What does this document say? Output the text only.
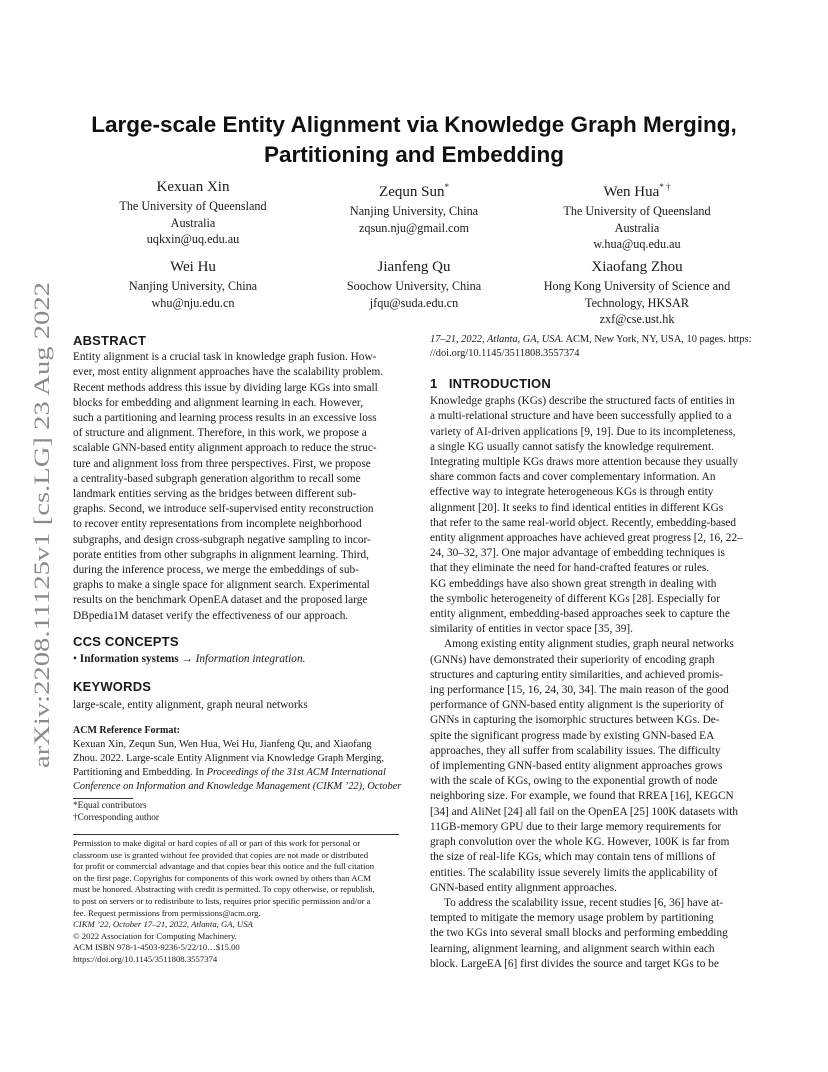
arXiv:2208.11125v1 [cs.LG] 23 Aug 2022
Large-scale Entity Alignment via Knowledge Graph Merging,
Partitioning and Embedding
Kexuan Xin
The University of Queensland
Australia
uqkxin@uq.edu.au
Zequn Sun*
Nanjing University, China
zqsun.nju@gmail.com
Wen Hua* †
The University of Queensland
Australia
w.hua@uq.edu.au
Wei Hu
Nanjing University, China
whu@nju.edu.cn
Jianfeng Qu
Soochow University, China
jfqu@suda.edu.cn
Xiaofang Zhou
Hong Kong University of Science and
Technology, HKSAR
zxf@cse.ust.hk
ABSTRACT

Entity alignment is a crucial task in knowledge graph fusion. How-

ever, most entity alignment approaches have the scalability problem.

Recent methods address this issue by dividing large KGs into small

blocks for embedding and alignment learning in each. However,

such a partitioning and learning process results in an excessive loss

of structure and alignment. Therefore, in this work, we propose a

scalable GNN-based entity alignment approach to reduce the struc-

ture and alignment loss from three perspectives. First, we propose

a centrality-based subgraph generation algorithm to recall some

landmark entities serving as the bridges between different sub-

graphs. Second, we introduce self-supervised entity reconstruction

to recover entity representations from incomplete neighborhood

subgraphs, and design cross-subgraph negative sampling to incor-

porate entities from other subgraphs in alignment learning. Third,

during the inference process, we merge the embeddings of sub-

graphs to make a single space for alignment search. Experimental

results on the benchmark OpenEA dataset and the proposed large

DBpedia1M dataset verify the effectiveness of our approach.

CCS CONCEPTS

• Information systems → Information integration.

KEYWORDS

large-scale, entity alignment, graph neural networks

ACM Reference Format:

Kexuan Xin, Zequn Sun, Wen Hua, Wei Hu, Jianfeng Qu, and Xiaofang

Zhou. 2022. Large-scale Entity Alignment via Knowledge Graph Merging,

Partitioning and Embedding. In Proceedings of the 31st ACM International

Conference on Information and Knowledge Management (CIKM ’22), October

*Equal contributors

†Corresponding author

Permission to make digital or hard copies of all or part of this work for personal or

classroom use is granted without fee provided that copies are not made or distributed

for profit or commercial advantage and that copies bear this notice and the full citation

on the first page. Copyrights for components of this work owned by others than ACM

must be honored. Abstracting with credit is permitted. To copy otherwise, or republish,

to post on servers or to redistribute to lists, requires prior specific permission and/or a

fee. Request permissions from permissions@acm.org.

CIKM ’22, October 17–21, 2022, Atlanta, GA, USA

© 2022 Association for Computing Machinery.

ACM ISBN 978-1-4503-9236-5/22/10…$15.00

https://doi.org/10.1145/3511808.3557374

17–21, 2022, Atlanta, GA, USA. ACM, New York, NY, USA, 10 pages. https:

//doi.org/10.1145/3511808.3557374

1 INTRODUCTION

Knowledge graphs (KGs) describe the structured facts of entities in

a multi-relational structure and have been successfully applied to a

variety of AI-driven applications [9, 19]. Due to its incompleteness,

a single KG usually cannot satisfy the knowledge requirement.

Integrating multiple KGs draws more attention because they usually

share common facts and cover complementary information. An

effective way to integrate heterogeneous KGs is through entity

alignment [20]. It seeks to find identical entities in different KGs

that refer to the same real-world object. Recently, embedding-based

entity alignment approaches have achieved great progress [2, 16, 22–

24, 30–32, 37]. One major advantage of embedding techniques is

that they eliminate the need for hand-crafted features or rules.

KG embeddings have also shown great strength in dealing with

the symbolic heterogeneity of different KGs [28]. Especially for

entity alignment, embedding-based approaches seek to capture the

similarity of entities in vector space [35, 39].

Among existing entity alignment studies, graph neural networks

(GNNs) have demonstrated their superiority of encoding graph

structures and capturing entity similarities, and achieved promis-

ing performance [15, 16, 24, 30, 34]. The main reason of the good

performance of GNN-based entity alignment is the superiority of

GNNs in capturing the isomorphic structures between KGs. De-

spite the significant progress made by existing GNN-based EA

approaches, they all suffer from scalability issues. The difficulty

of implementing GNN-based entity alignment approaches grows

with the scale of KGs, owing to the exponential growth of node

neighboring size. For example, we found that RREA [16], KEGCN

[34] and AliNet [24] all fail on the OpenEA [25] 100K datasets with

11GB-memory GPU due to their large memory requirements for

graph convolution over the whole KG. However, 100K is far from

the size of real-life KGs, which may contain tens of millions of

entities. The scalability issue severely limits the applicability of

GNN-based entity alignment approaches.

To address the scalability issue, recent studies [6, 36] have at-

tempted to mitigate the memory usage problem by partitioning

the two KGs into several small blocks and performing embedding

learning, alignment learning, and alignment search within each

block. LargeEA [6] first divides the source and target KGs to be
